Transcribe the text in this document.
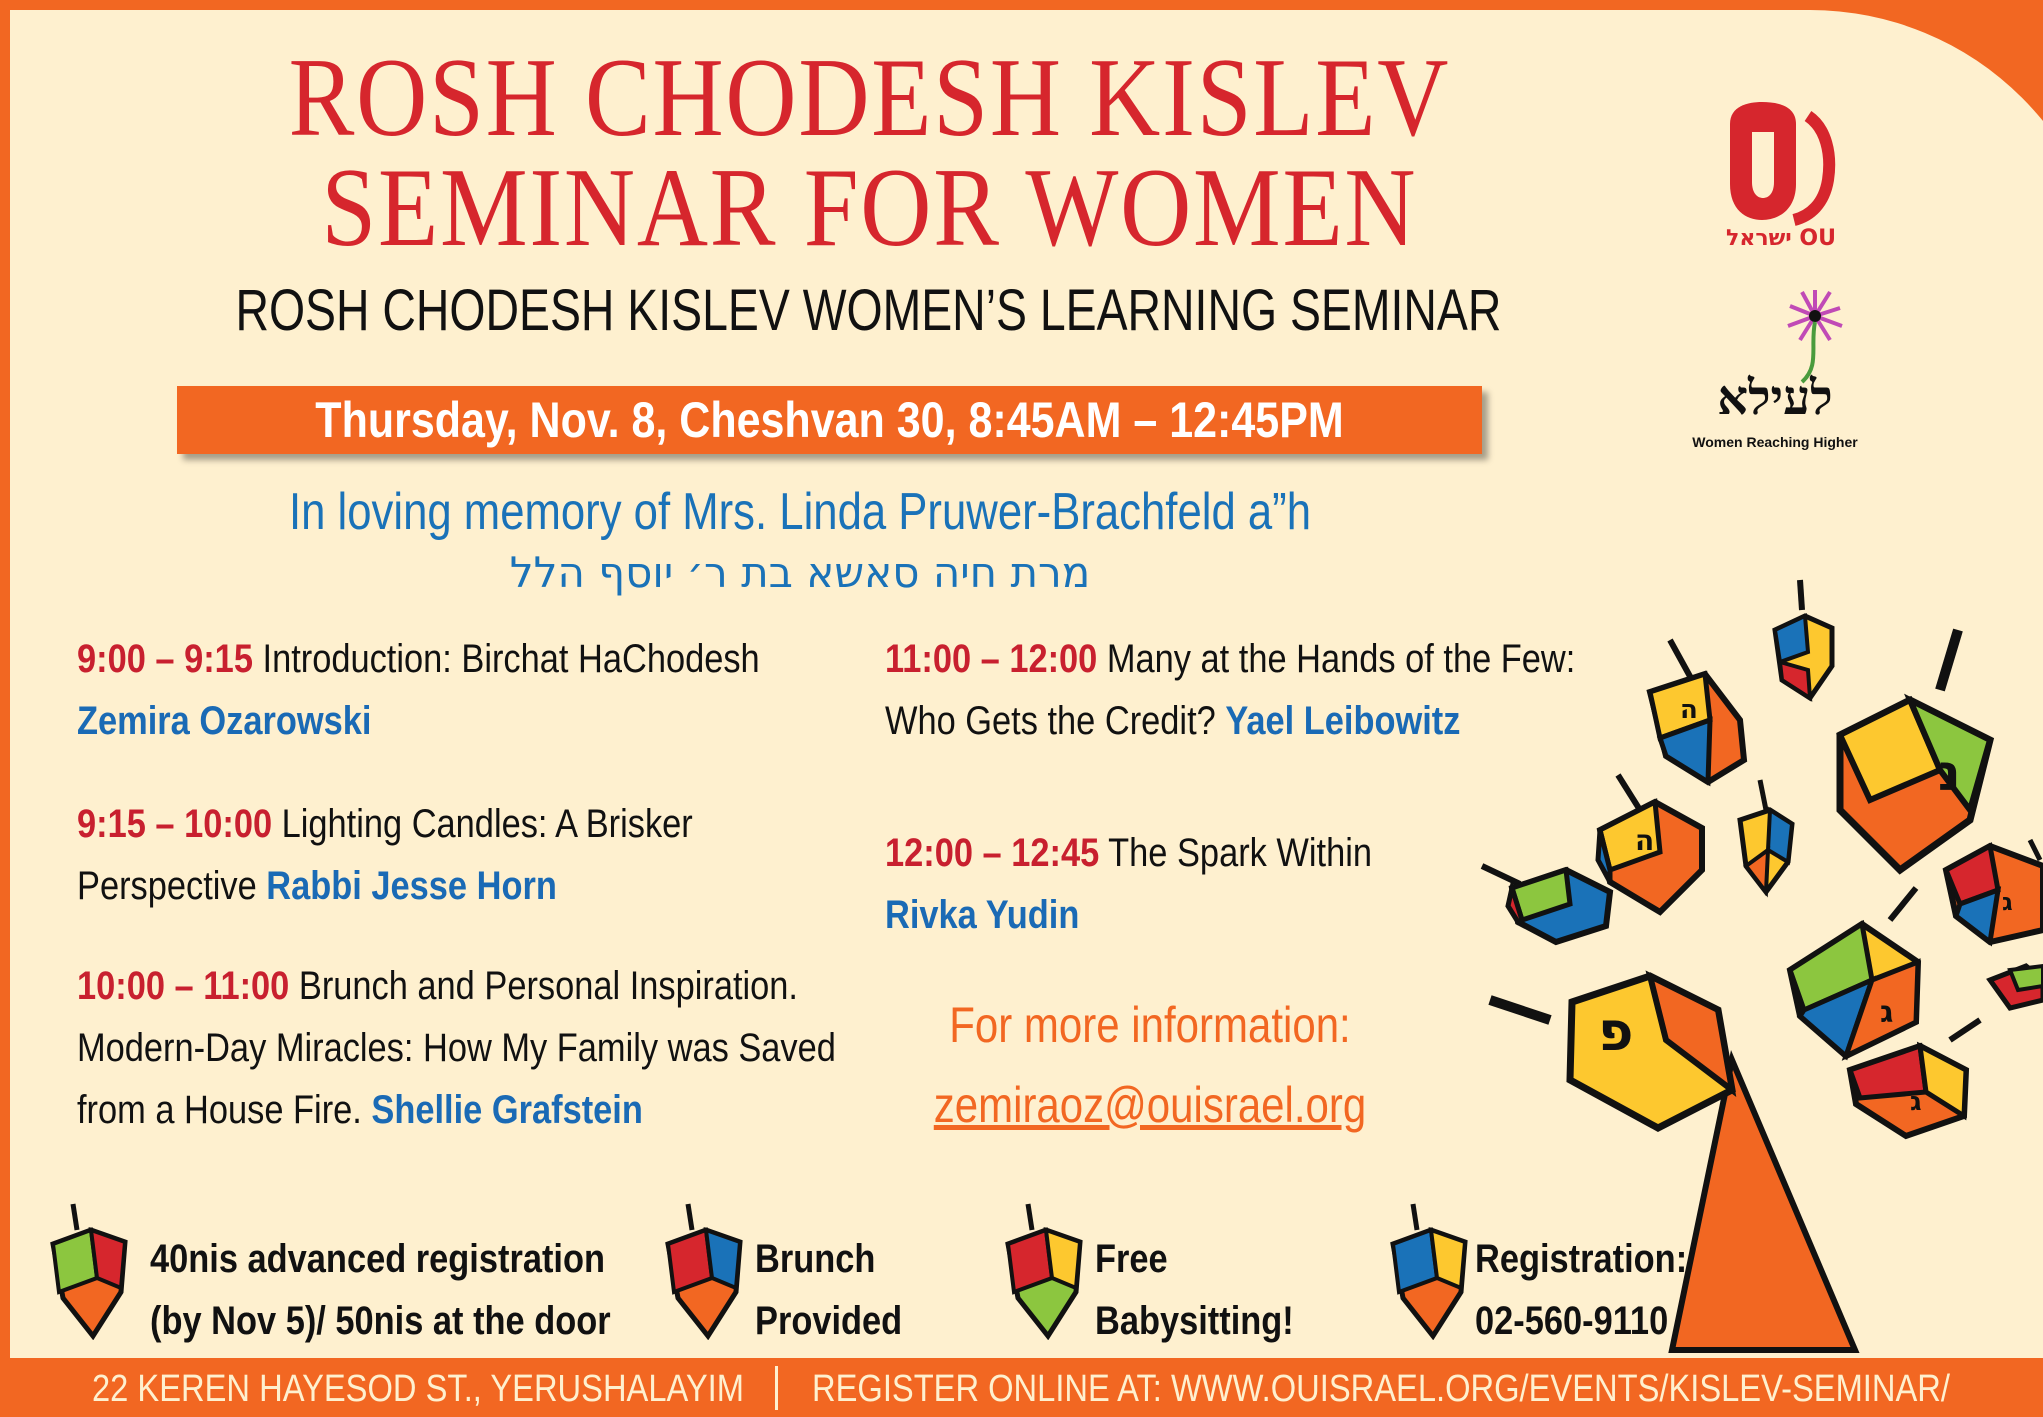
ROSH CHODESH KISLEV
SEMINAR FOR WOMEN
ROSH CHODESH KISLEV WOMEN’S LEARNING SEMINAR
Thursday, Nov. 8, Cheshvan 30, 8:45AM – 12:45PM
In loving memory of Mrs. Linda Pruwer-Brachfeld a”h
מרת חיה סאשא בת ר׳ יוסף הלל
9:00 – 9:15 Introduction: Birchat HaChodesh
Zemira Ozarowski
9:15 – 10:00 Lighting Candles: A Brisker
Perspective Rabbi Jesse Horn
10:00 – 11:00 Brunch and Personal Inspiration.
Modern-Day Miracles: How My Family was Saved
from a House Fire. Shellie Grafstein
11:00 – 12:00 Many at the Hands of the Few:
Who Gets the Credit? Yael Leibowitz
12:00 – 12:45 The Spark Within
Rivka Yudin
For more information:
zemiraoz@ouisrael.org
40nis advanced registration
(by Nov 5)/ 50nis at the door
Brunch
Provided
Free
Babysitting!
Registration:
02-560-9110
OU ישראל
לעילא
Women Reaching Higher
ה
נ
ה
ג
ג
פ
ג
22 KEREN HAYESOD ST., YERUSHALAYIM REGISTER ONLINE AT: WWW.OUISRAEL.ORG/EVENTS/KISLEV-SEMINAR/
